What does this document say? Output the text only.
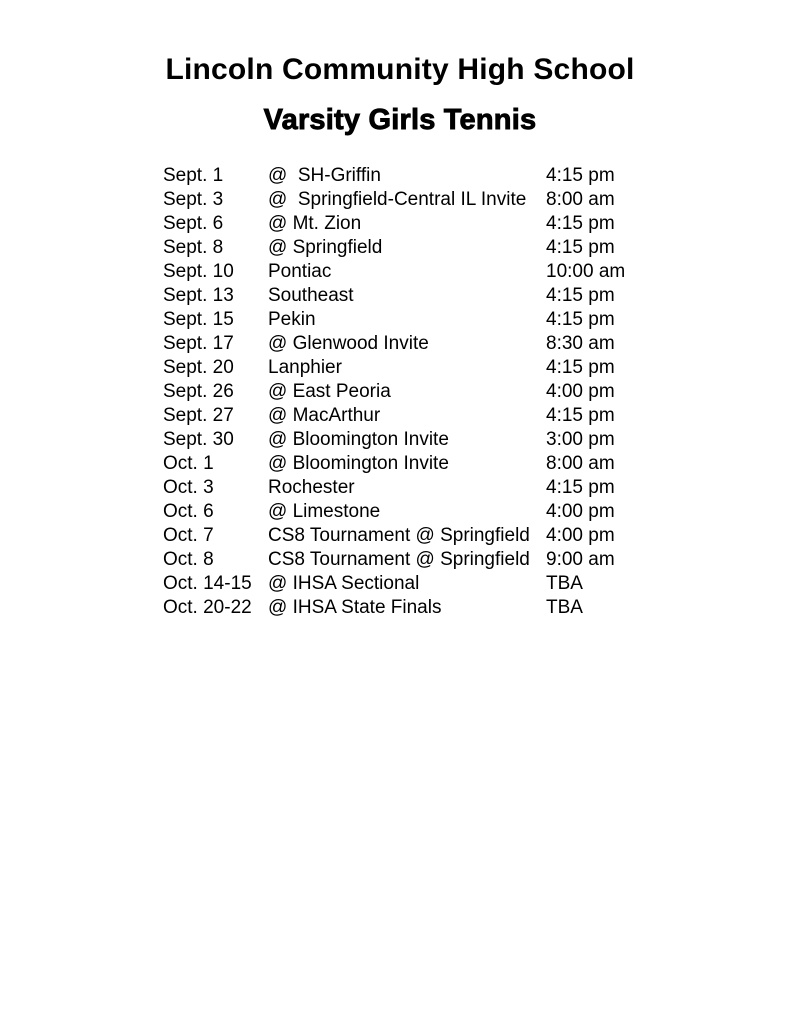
Lincoln Community High School
Varsity Girls Tennis
Sept. 1	@  SH-Griffin	4:15 pm
Sept. 3	@  Springfield-Central IL Invite	8:00 am
Sept. 6	@ Mt. Zion	4:15 pm
Sept. 8	@ Springfield	4:15 pm
Sept. 10	Pontiac	10:00 am
Sept. 13	Southeast	4:15 pm
Sept. 15	Pekin	4:15 pm
Sept. 17	@ Glenwood Invite	8:30 am
Sept. 20	Lanphier	4:15 pm
Sept. 26	@ East Peoria	4:00 pm
Sept. 27	@ MacArthur	4:15 pm
Sept. 30	@ Bloomington Invite	3:00 pm
Oct. 1	@ Bloomington Invite	8:00 am
Oct. 3	Rochester	4:15 pm
Oct. 6	@ Limestone	4:00 pm
Oct. 7	CS8 Tournament @ Springfield 4:00 pm
Oct. 8	CS8 Tournament @ Springfield 9:00 am
Oct. 14-15 @ IHSA Sectional	TBA
Oct. 20-22 @ IHSA State Finals	TBA
